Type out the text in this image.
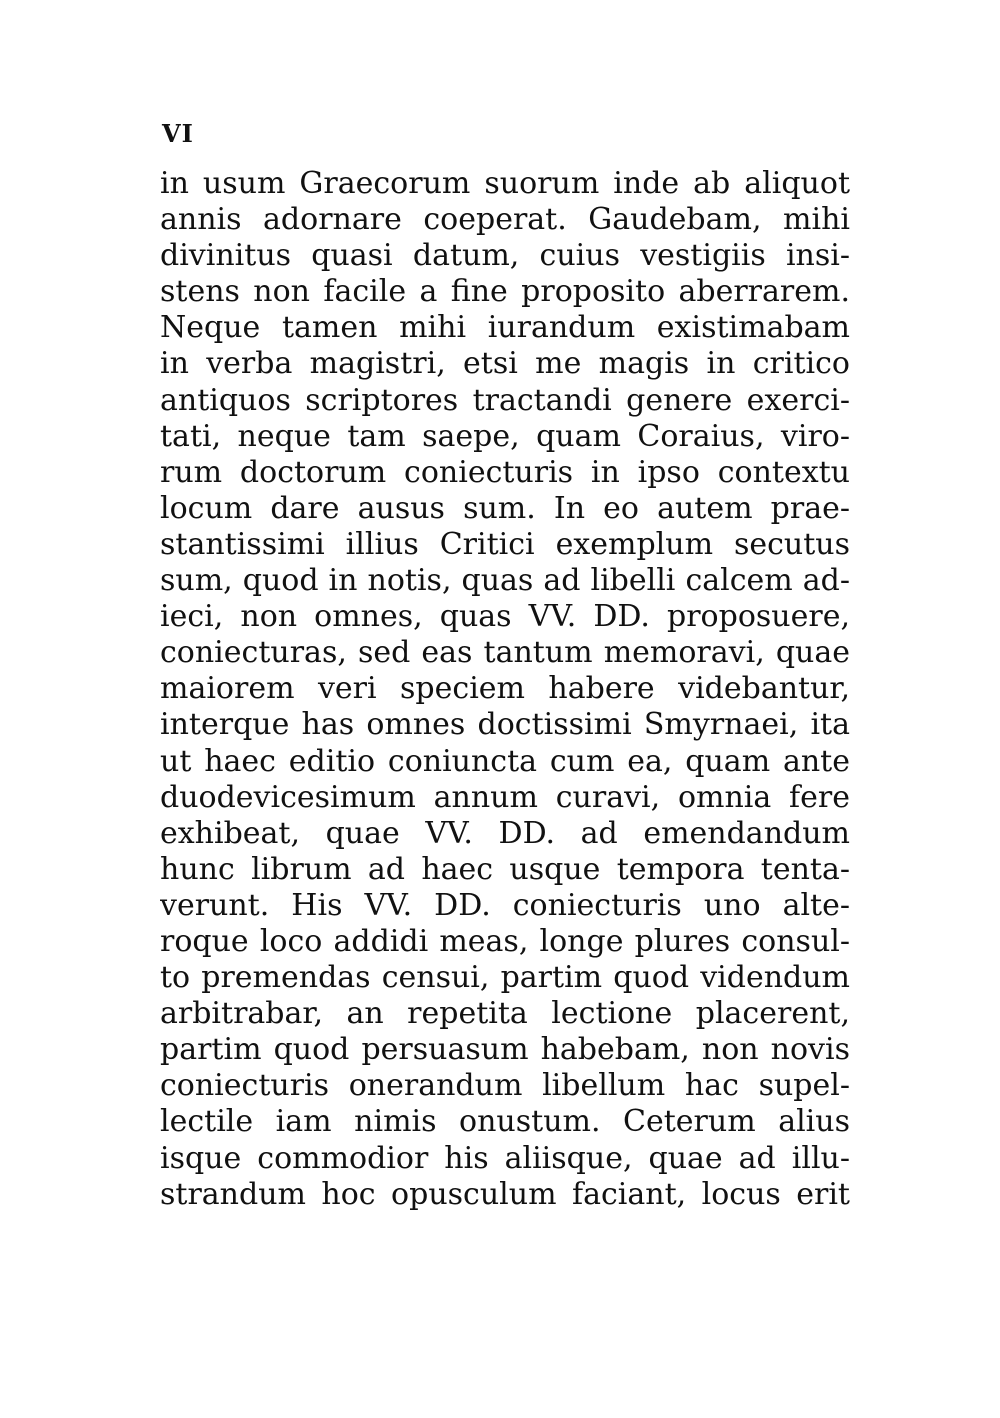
VI
in usum Graecorum suorum inde ab aliquot
annis adornare coeperat. Gaudebam, mihi
divinitus quasi datum, cuius vestigiis insi-
stens non facile a fine proposito aberrarem.
Neque tamen mihi iurandum existimabam
in verba magistri, etsi me magis in critico
antiquos scriptores tractandi genere exerci-
tati, neque tam saepe, quam Coraius, viro-
rum doctorum coniecturis in ipso contextu
locum dare ausus sum. In eo autem prae-
stantissimi illius Critici exemplum secutus
sum, quod in notis, quas ad libelli calcem ad-
ieci, non omnes, quas VV. DD. proposuere,
coniecturas, sed eas tantum memoravi, quae
maiorem veri speciem habere videbantur,
interque has omnes doctissimi Smyrnaei, ita
ut haec editio coniuncta cum ea, quam ante
duodevicesimum annum curavi, omnia fere
exhibeat, quae VV. DD. ad emendandum
hunc librum ad haec usque tempora tenta-
verunt. His VV. DD. coniecturis uno alte-
roque loco addidi meas, longe plures consul-
to premendas censui, partim quod videndum
arbitrabar, an repetita lectione placerent,
partim quod persuasum habebam, non novis
coniecturis onerandum libellum hac supel-
lectile iam nimis onustum. Ceterum alius
isque commodior his aliisque, quae ad illu-
strandum hoc opusculum faciant, locus erit
